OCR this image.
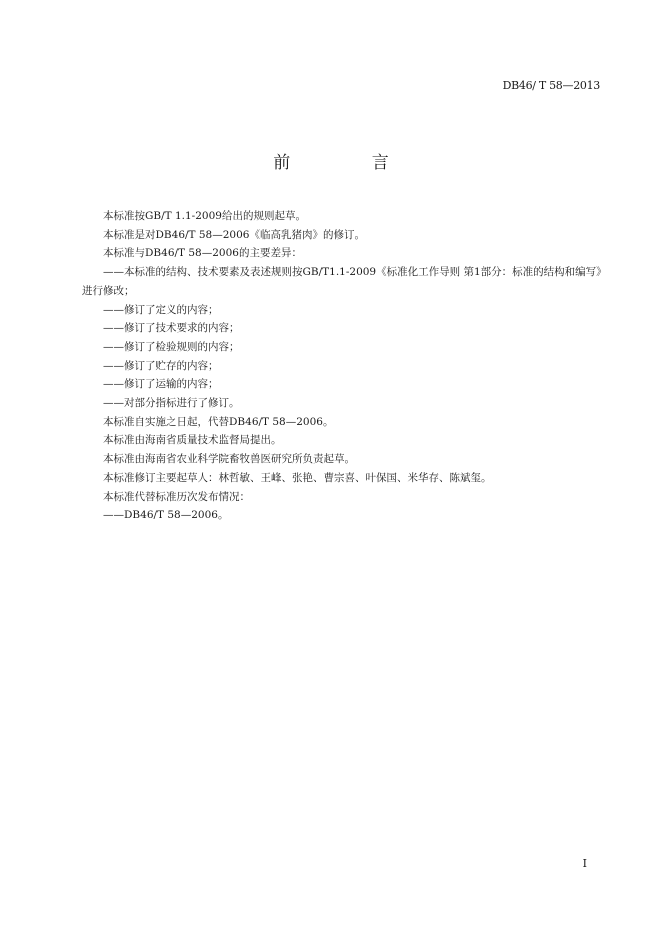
DB46/ T 58—2013
前 言
本标准按GB/T 1.1-2009给出的规则起草。
本标准是对DB46/T 58—2006《临高乳猪肉》的修订。
本标准与DB46/T 58—2006的主要差异：
——本标准的结构、技术要素及表述规则按GB/T1.1-2009《标准化工作导则 第1部分：标准的结构和编写》进行修改；
——修订了定义的内容；
——修订了技术要求的内容；
——修订了检验规则的内容；
——修订了贮存的内容；
——修订了运输的内容；
——对部分指标进行了修订。
本标准自实施之日起，代替DB46/T 58—2006。
本标准由海南省质量技术监督局提出。
本标准由海南省农业科学院畜牧兽医研究所负责起草。
本标准修订主要起草人：林哲敏、王峰、张艳、曹宗喜、叶保国、米华存、陈斌玺。
本标准代替标准历次发布情况：
——DB46/T 58—2006。
I
